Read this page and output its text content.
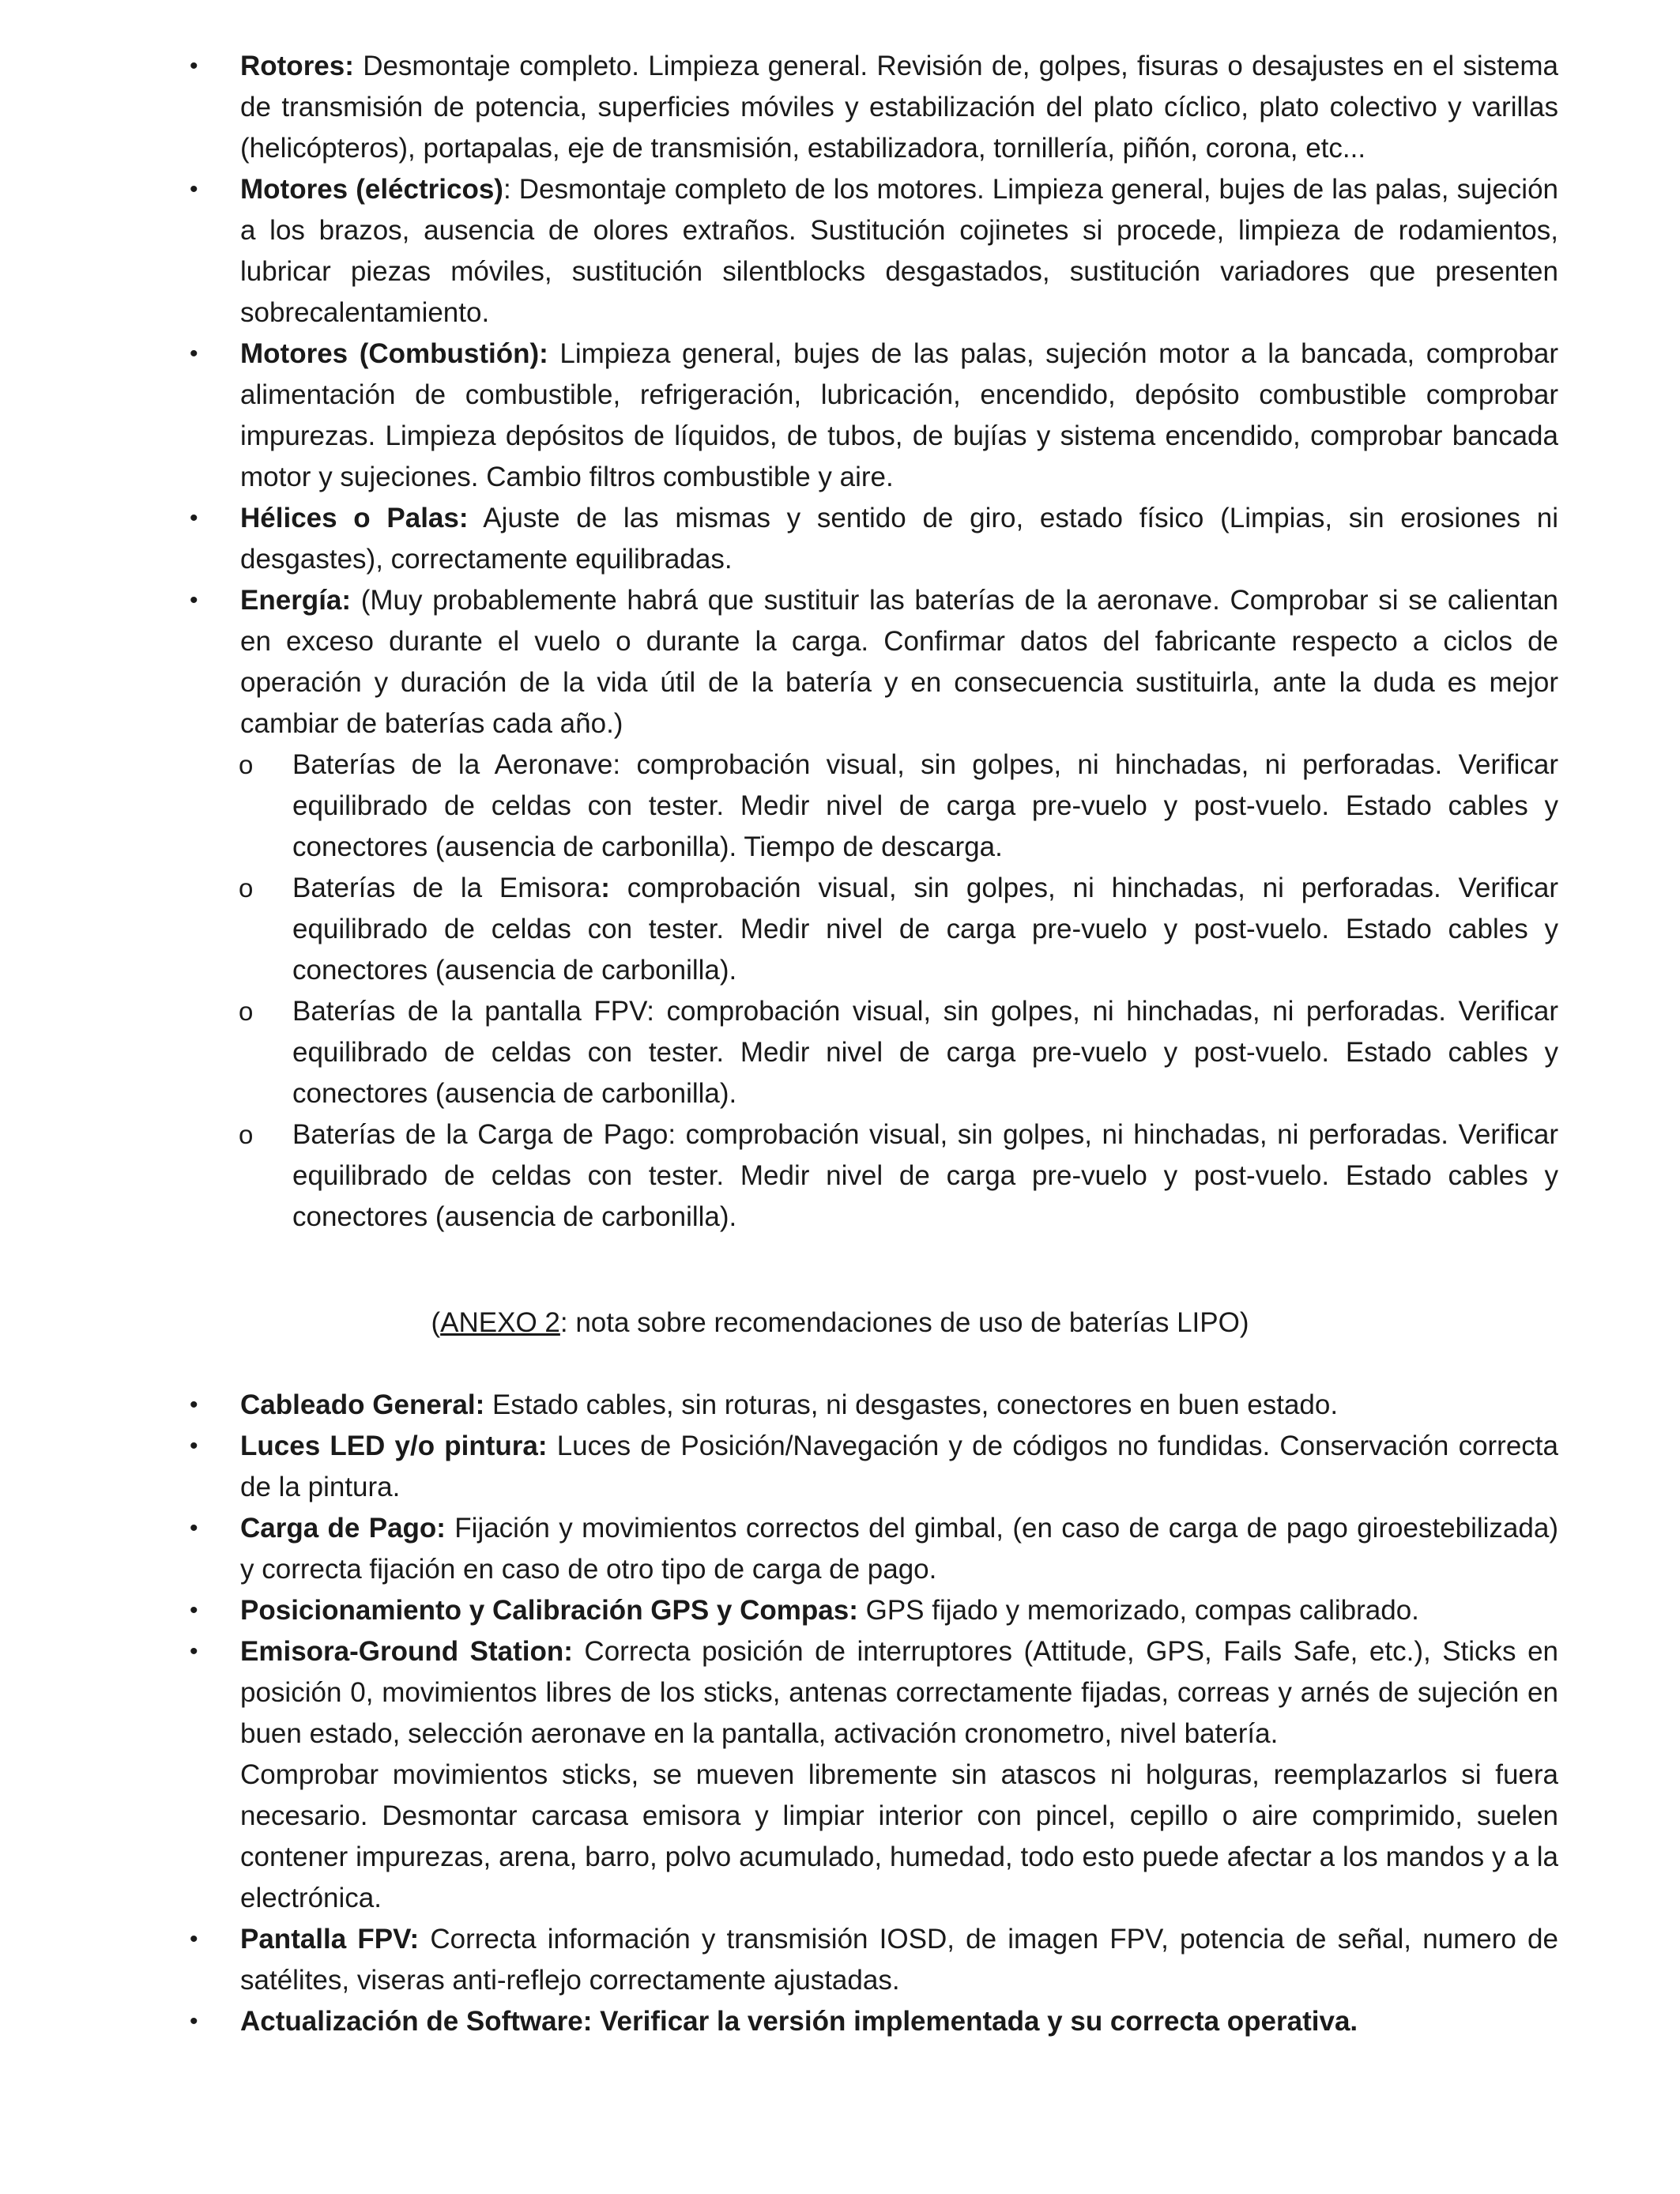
• Rotores: Desmontaje completo. Limpieza general. Revisión de, golpes, fisuras o desajustes en el sistema de transmisión de potencia, superficies móviles y estabilización del plato cíclico, plato colectivo y varillas (helicópteros), portapalas, eje de transmisión, estabilizadora, tornillería, piñón, corona, etc...
• Motores (eléctricos): Desmontaje completo de los motores. Limpieza general, bujes de las palas, sujeción a los brazos, ausencia de olores extraños. Sustitución cojinetes si procede, limpieza de rodamientos, lubricar piezas móviles, sustitución silentblocks desgastados, sustitución variadores que presenten sobrecalentamiento.
• Motores (Combustión): Limpieza general, bujes de las palas, sujeción motor a la bancada, comprobar alimentación de combustible, refrigeración, lubricación, encendido, depósito combustible comprobar impurezas. Limpieza depósitos de líquidos, de tubos, de bujías y sistema encendido, comprobar bancada motor y sujeciones. Cambio filtros combustible y aire.
• Hélices o Palas: Ajuste de las mismas y sentido de giro, estado físico (Limpias, sin erosiones ni desgastes), correctamente equilibradas.
• Energía: (Muy probablemente habrá que sustituir las baterías de la aeronave. Comprobar si se calientan en exceso durante el vuelo o durante la carga. Confirmar datos del fabricante respecto a ciclos de operación y duración de la vida útil de la batería y en consecuencia sustituirla, ante la duda es mejor cambiar de baterías cada año.)
o Baterías de la Aeronave: comprobación visual, sin golpes, ni hinchadas, ni perforadas. Verificar equilibrado de celdas con tester. Medir nivel de carga pre-vuelo y post-vuelo. Estado cables y conectores (ausencia de carbonilla). Tiempo de descarga.
o Baterías de la Emisora: comprobación visual, sin golpes, ni hinchadas, ni perforadas. Verificar equilibrado de celdas con tester. Medir nivel de carga pre-vuelo y post-vuelo. Estado cables y conectores (ausencia de carbonilla).
o Baterías de la pantalla FPV: comprobación visual, sin golpes, ni hinchadas, ni perforadas. Verificar equilibrado de celdas con tester. Medir nivel de carga pre-vuelo y post-vuelo. Estado cables y conectores (ausencia de carbonilla).
o Baterías de la Carga de Pago: comprobación visual, sin golpes, ni hinchadas, ni perforadas. Verificar equilibrado de celdas con tester. Medir nivel de carga pre-vuelo y post-vuelo. Estado cables y conectores (ausencia de carbonilla).
(ANEXO 2: nota sobre recomendaciones de uso de baterías LIPO)
• Cableado General: Estado cables, sin roturas, ni desgastes, conectores en buen estado.
• Luces LED y/o pintura: Luces de Posición/Navegación y de códigos no fundidas. Conservación correcta de la pintura.
• Carga de Pago: Fijación y movimientos correctos del gimbal, (en caso de carga de pago giroestebilizada) y correcta fijación en caso de otro tipo de carga de pago.
• Posicionamiento y Calibración GPS y Compas: GPS fijado y memorizado, compas calibrado.
• Emisora-Ground Station: Correcta posición de interruptores (Attitude, GPS, Fails Safe, etc.), Sticks en posición 0, movimientos libres de los sticks, antenas correctamente fijadas, correas y arnés de sujeción en buen estado, selección aeronave en la pantalla, activación cronometro, nivel batería.
Comprobar movimientos sticks, se mueven libremente sin atascos ni holguras, reemplazarlos si fuera necesario. Desmontar carcasa emisora y limpiar interior con pincel, cepillo o aire comprimido, suelen contener impurezas, arena, barro, polvo acumulado, humedad, todo esto puede afectar a los mandos y a la electrónica.
• Pantalla FPV: Correcta información y transmisión IOSD, de imagen FPV, potencia de señal, numero de satélites, viseras anti-reflejo correctamente ajustadas.
• Actualización de Software: Verificar la versión implementada y su correcta operativa.
